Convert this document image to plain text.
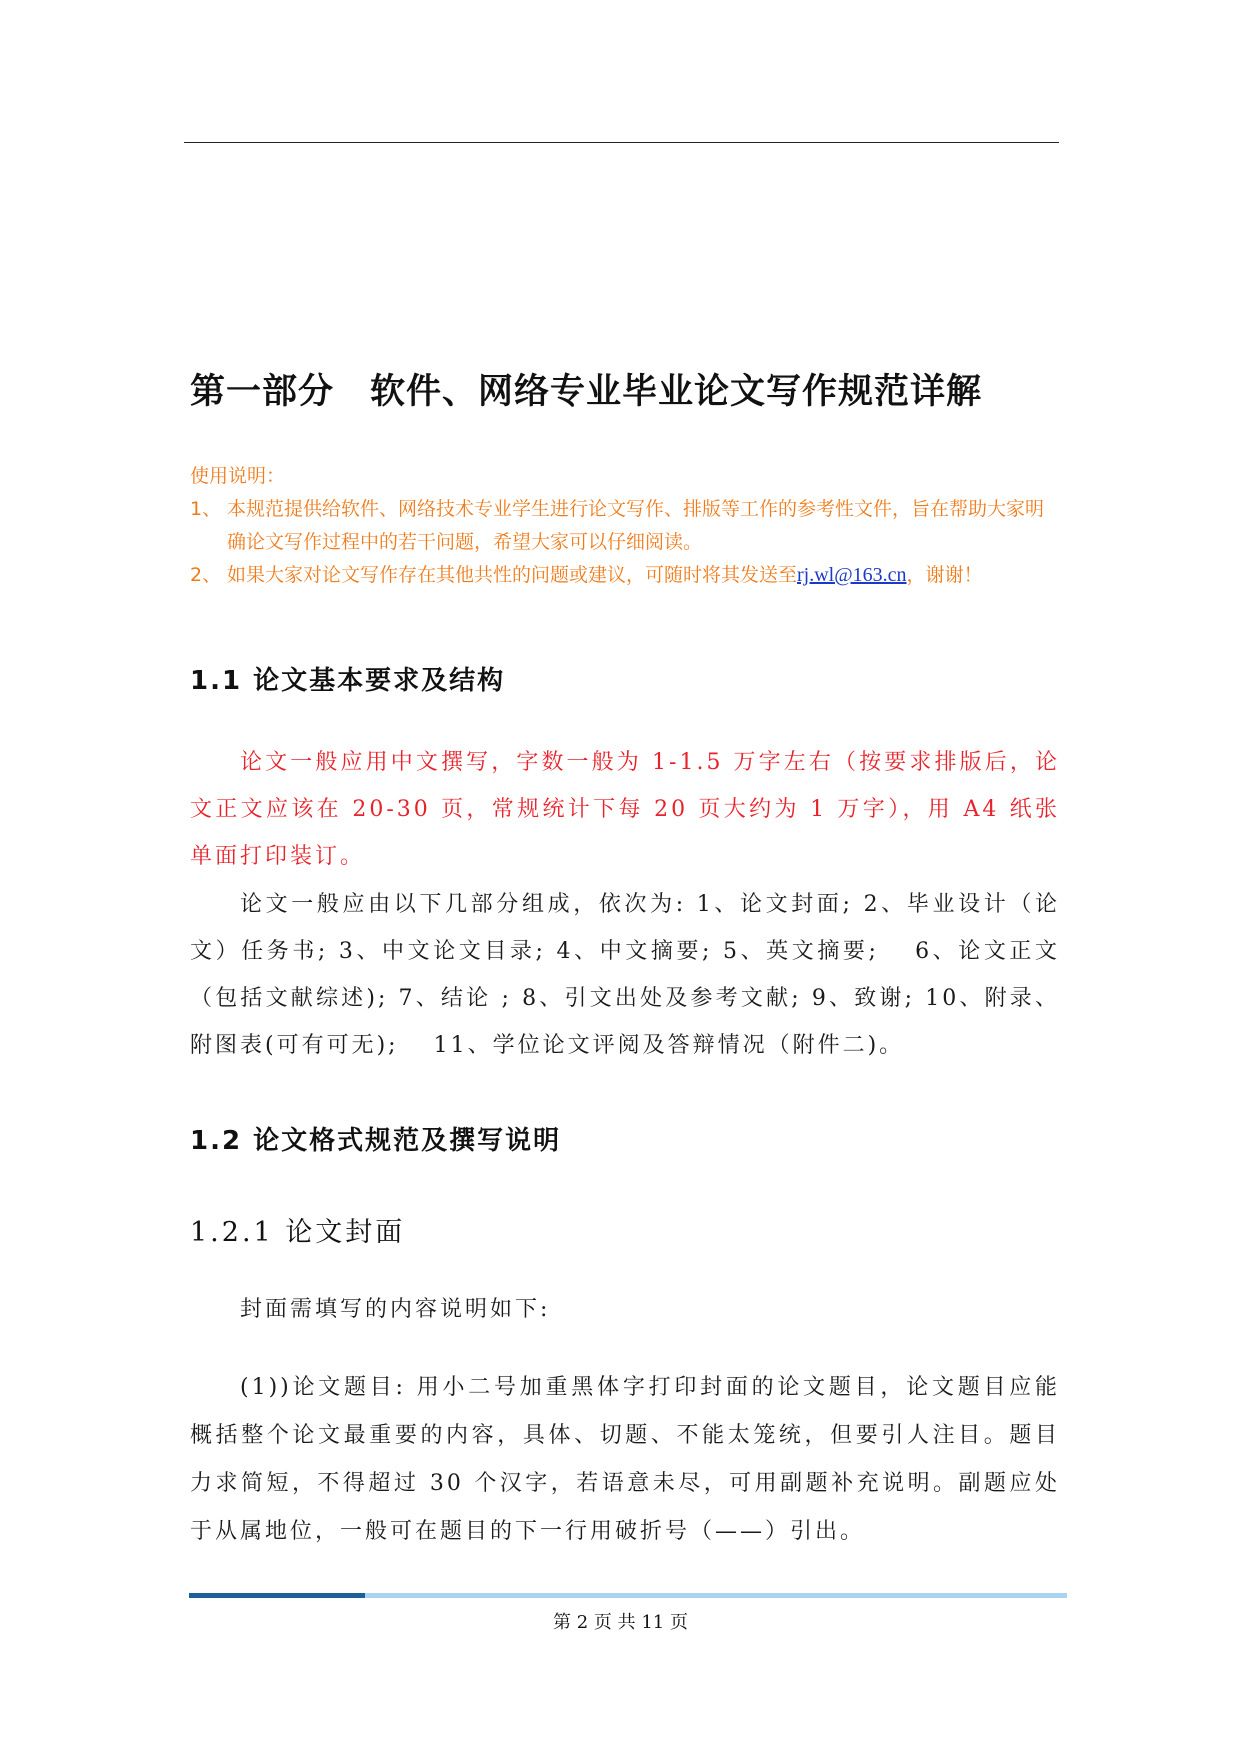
第一部分　软件、网络专业毕业论文写作规范详解
使用说明：
1、 本规范提供给软件、网络技术专业学生进行论文写作、排版等工作的参考性文件，旨在帮助大家明确论文写作过程中的若干问题，希望大家可以仔细阅读。
2、 如果大家对论文写作存在其他共性的问题或建议，可随时将其发送至rj.wl@163.cn，谢谢！
1.1 论文基本要求及结构

论文一般应用中文撰写，字数一般为 1-1.5 万字左右（按要求排版后，论文正文应该在 20-30 页，常规统计下每 20 页大约为 1 万字），用 A4 纸张单面打印装订。

论文一般应由以下几部分组成，依次为: 1、论文封面; 2、毕业设计（论文）任务书; 3、中文论文目录; 4、中文摘要; 5、英文摘要; 　6、论文正文（包括文献综述); 7、结论 ; 8、引文出处及参考文献; 9、致谢; 10、附录、附图表(可有可无); 　11、学位论文评阅及答辩情况（附件二)。

1.2 论文格式规范及撰写说明
1.2.1 论文封面

封面需填写的内容说明如下:

(1))论文题目: 用小二号加重黑体字打印封面的论文题目，论文题目应能概括整个论文最重要的内容，具体、切题、不能太笼统，但要引人注目。题目力求简短，不得超过 30 个汉字，若语意未尽，可用副题补充说明。副题应处于从属地位，一般可在题目的下一行用破折号（——）引出。

第 2 页 共 11 页
